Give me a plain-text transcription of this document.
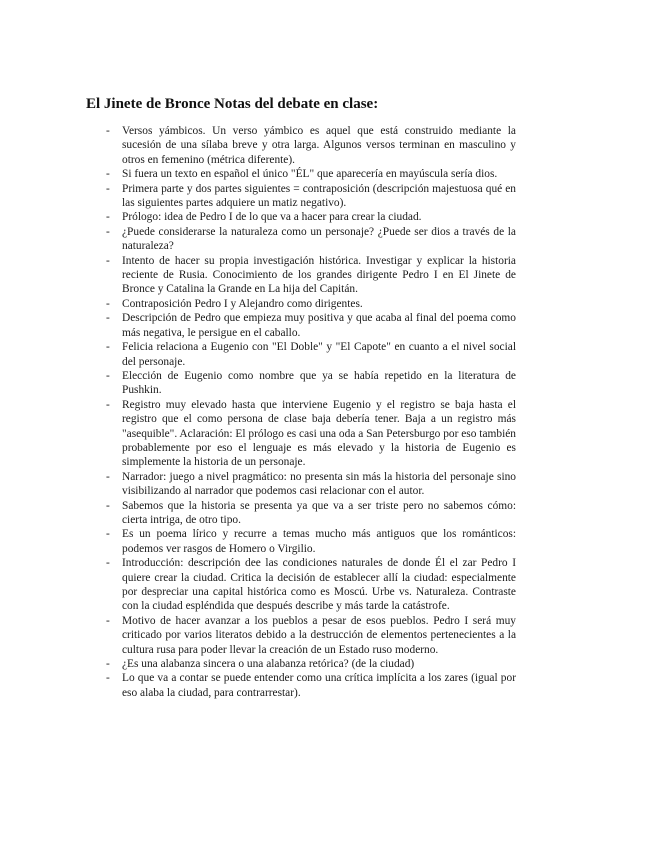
El Jinete de Bronce Notas del debate en clase:
- Versos yámbicos. Un verso yámbico es aquel que está construido mediante la sucesión de una sílaba breve y otra larga. Algunos versos terminan en masculino y otros en femenino (métrica diferente).
- Si fuera un texto en español el único "ÉL" que aparecería en mayúscula sería dios.
- Primera parte y dos partes siguientes = contraposición (descripción majestuosa qué en las siguientes partes adquiere un matiz negativo).
- Prólogo: idea de Pedro I de lo que va a hacer para crear la ciudad.
- ¿Puede considerarse la naturaleza como un personaje? ¿Puede ser dios a través de la naturaleza?
- Intento de hacer su propia investigación histórica. Investigar y explicar la historia reciente de Rusia. Conocimiento de los grandes dirigente Pedro I en El Jinete de Bronce y Catalina la Grande en La hija del Capitán.
- Contraposición Pedro I y Alejandro como dirigentes.
- Descripción de Pedro que empieza muy positiva y que acaba al final del poema como más negativa, le persigue en el caballo.
- Felicia relaciona a Eugenio con "El Doble" y "El Capote" en cuanto a el nivel social del personaje.
- Elección de Eugenio como nombre que ya se había repetido en la literatura de Pushkin.
- Registro muy elevado hasta que interviene Eugenio y el registro se baja hasta el registro que el como persona de clase baja debería tener. Baja a un registro más "asequible". Aclaración: El prólogo es casi una oda a San Petersburgo por eso también probablemente por eso el lenguaje es más elevado y la historia de Eugenio es simplemente la historia de un personaje.
- Narrador: juego a nivel pragmático: no presenta sin más la historia del personaje sino visibilizando al narrador que podemos casi relacionar con el autor.
- Sabemos que la historia se presenta ya que va a ser triste pero no sabemos cómo: cierta intriga, de otro tipo.
- Es un poema lírico y recurre a temas mucho más antiguos que los románticos: podemos ver rasgos de Homero o Virgilio.
- Introducción: descripción dee las condiciones naturales de donde Él el zar Pedro I quiere crear la ciudad. Critica la decisión de establecer allí la ciudad: especialmente por despreciar una capital histórica como es Moscú. Urbe vs. Naturaleza. Contraste con la ciudad espléndida que después describe y más tarde la catástrofe.
- Motivo de hacer avanzar a los pueblos a pesar de esos pueblos. Pedro I será muy criticado por varios literatos debido a la destrucción de elementos pertenecientes a la cultura rusa para poder llevar la creación de un Estado ruso moderno.
- ¿Es una alabanza sincera o una alabanza retórica? (de la ciudad)
- Lo que va a contar se puede entender como una crítica implícita a los zares (igual por eso alaba la ciudad, para contrarrestar).
